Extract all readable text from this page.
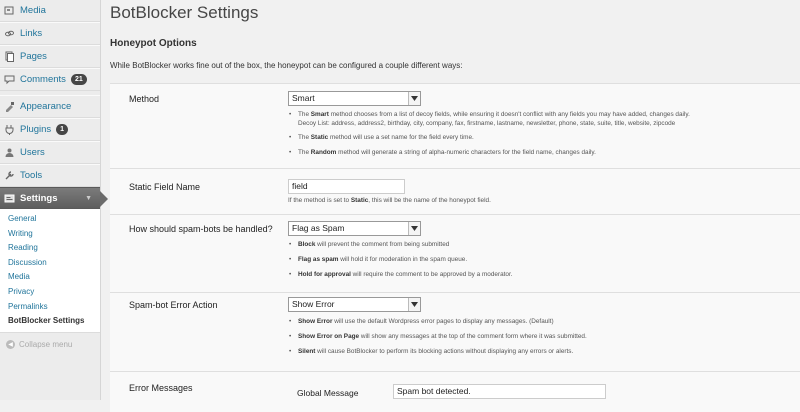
Media
Links
Pages
Comments	21
Appearance
Plugins	1
Users
Tools
Settings	▼
General
Writing
Reading
Discussion
Media
Privacy
Permalinks
BotBlocker Settings
◀ Collapse menu
BotBlocker Settings
Honeypot Options
While BotBlocker works fine out of the box, the honeypot can be configured a couple different ways:
Method	Smart
• The Smart method chooses from a list of decoy fields, while ensuring it doesn't conflict with any fields you may have added, changes daily.
Decoy List: address, address2, birthday, city, company, fax, firstname, lastname, newsletter, phone, state, suite, title, website, zipcode
• The Static method will use a set name for the field every time.
• The Random method will generate a string of alpha-numeric characters for the field name, changes daily.
Static Field Name	field
If the method is set to Static, this will be the name of the honeypot field.
How should spam-bots be handled?	Flag as Spam
• Block will prevent the comment from being submitted
• Flag as spam will hold it for moderation in the spam queue.
• Hold for approval will require the comment to be approved by a moderator.
Spam-bot Error Action	Show Error
• Show Error will use the default Wordpress error pages to display any messages. (Default)
• Show Error on Page will show any messages at the top of the comment form where it was submitted.
• Silent will cause BotBlocker to perform its blocking actions without displaying any errors or alerts.
Error Messages	Global Message	Spam bot detected.
